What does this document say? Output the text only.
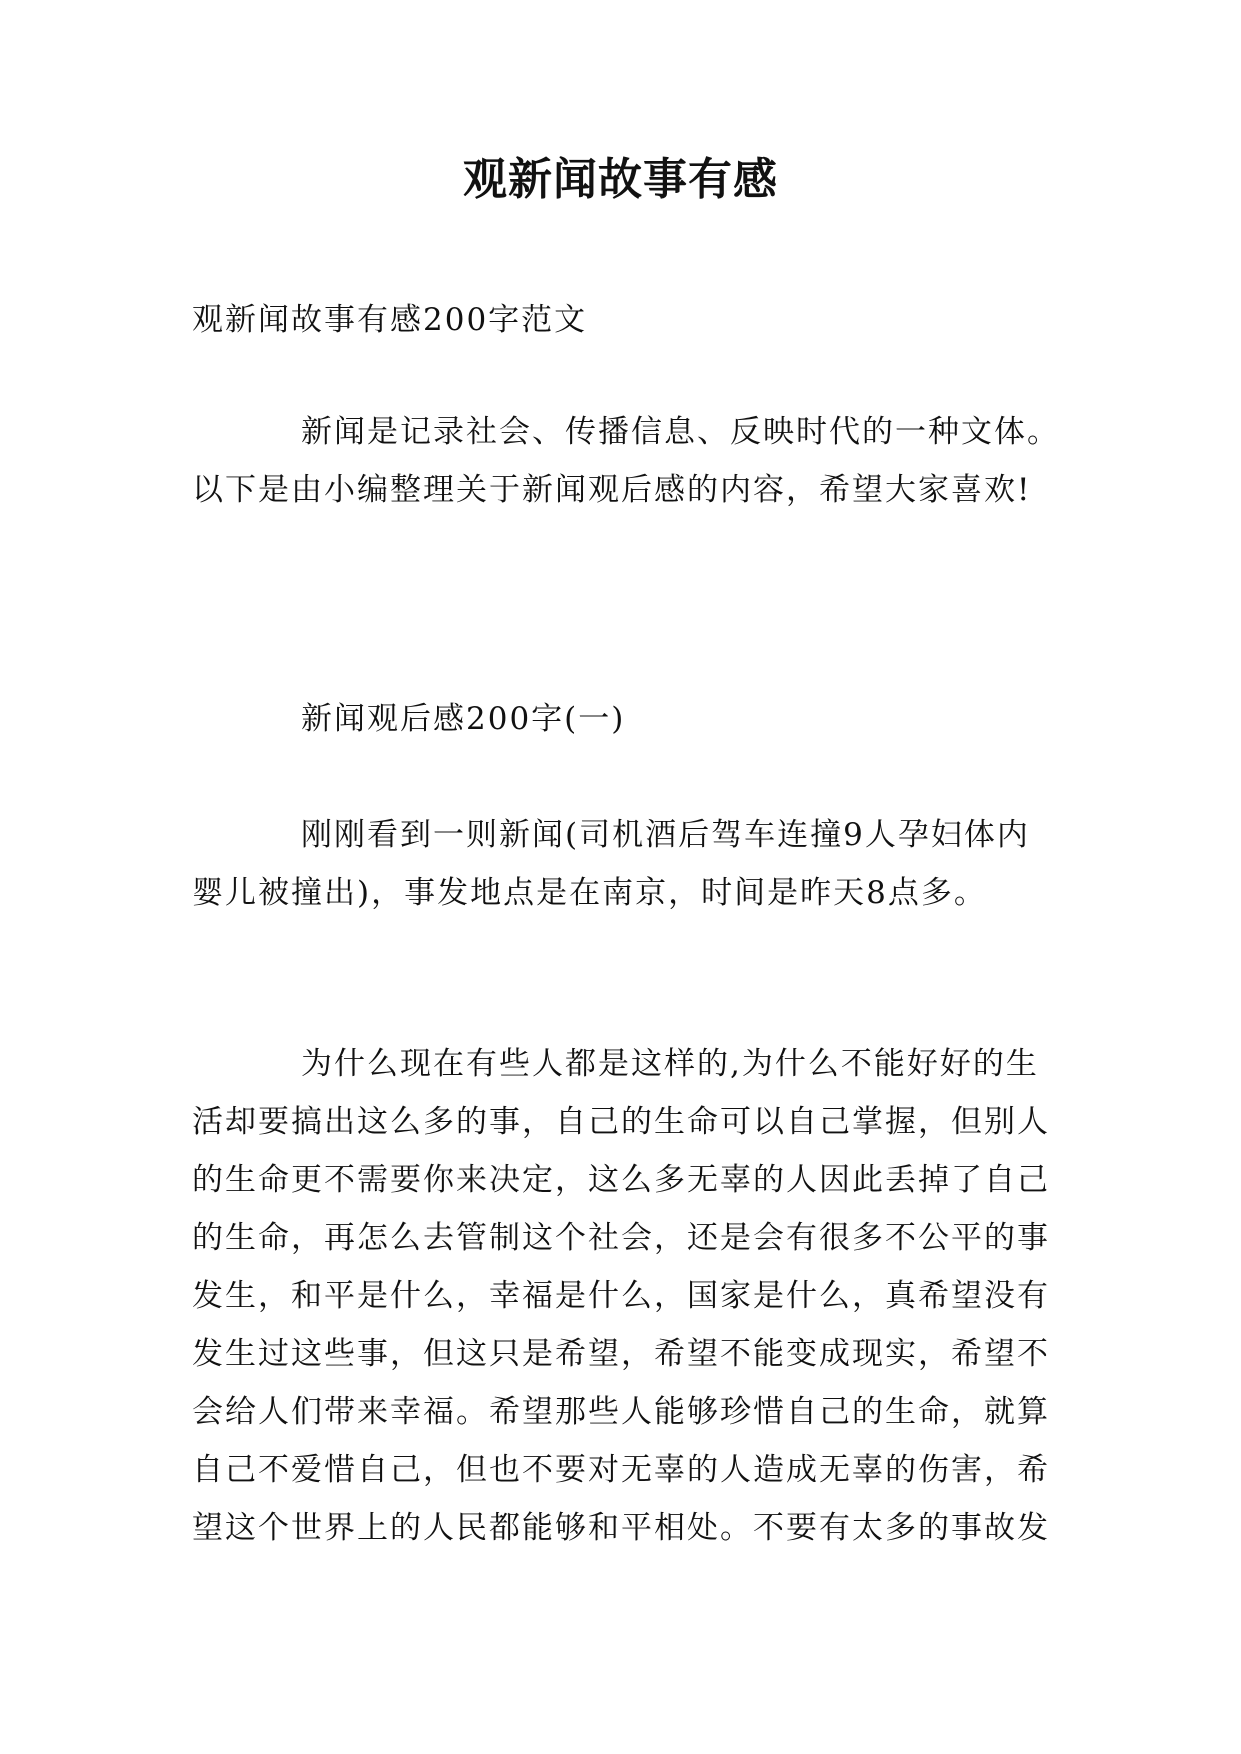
观新闻故事有感
观新闻故事有感200字范文
新闻是记录社会、传播信息、反映时代的一种文体。
以下是由小编整理关于新闻观后感的内容，希望大家喜欢!
新闻观后感200字(一)
刚刚看到一则新闻(司机酒后驾车连撞9人孕妇体内
婴儿被撞出)，事发地点是在南京，时间是昨天8点多。
为什么现在有些人都是这样的,为什么不能好好的生
活却要搞出这么多的事，自己的生命可以自己掌握，但别人
的生命更不需要你来决定，这么多无辜的人因此丢掉了自己
的生命，再怎么去管制这个社会，还是会有很多不公平的事
发生，和平是什么，幸福是什么，国家是什么，真希望没有
发生过这些事，但这只是希望，希望不能变成现实，希望不
会给人们带来幸福。希望那些人能够珍惜自己的生命，就算
自己不爱惜自己，但也不要对无辜的人造成无辜的伤害，希
望这个世界上的人民都能够和平相处。不要有太多的事故发
